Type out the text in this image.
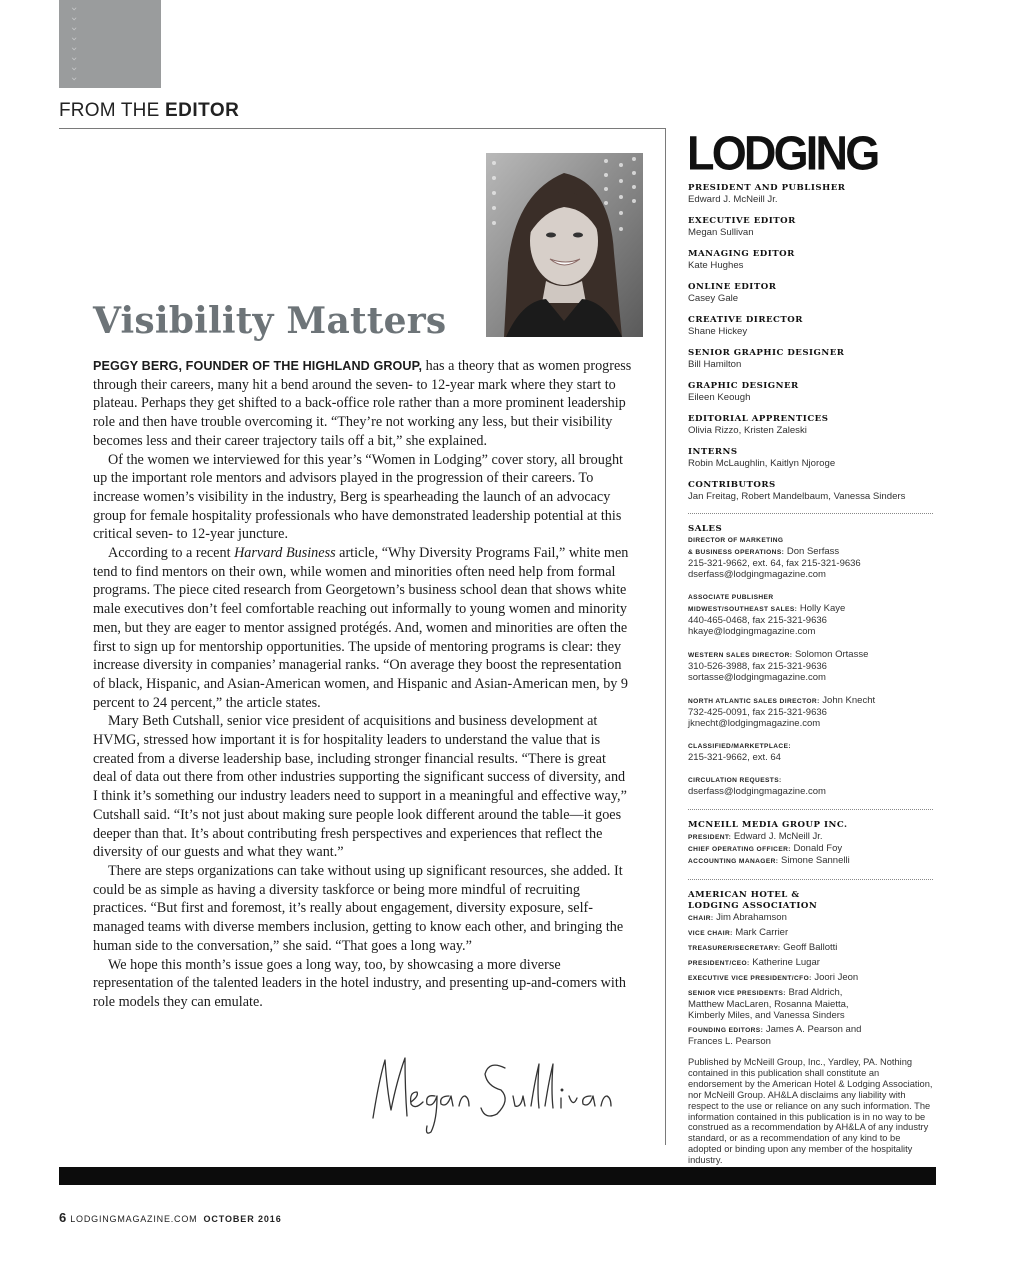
›
›
›
›
›
›
›
›
FROM THE EDITOR
Visibility Matters

PEGGY BERG, FOUNDER OF THE HIGHLAND GROUP, has a theory that as women progress through their careers, many hit a bend around the seven- to 12-year mark where they start to plateau. Perhaps they get shifted to a back-office role rather than a more prominent leadership role and then have trouble overcoming it. “They’re not working any less, but their visibility becomes less and their career trajectory tails off a bit,” she explained.

Of the women we interviewed for this year’s “Women in Lodging” cover story, all brought up the important role mentors and advisors played in the progression of their careers. To increase women’s visibility in the industry, Berg is spearheading the launch of an advocacy group for female hospitality professionals who have demonstrated leadership potential at this critical seven- to 12-year juncture.

According to a recent Harvard Business article, “Why Diversity Programs Fail,” white men tend to find mentors on their own, while women and minorities often need help from formal programs. The piece cited research from Georgetown’s business school dean that shows white male executives don’t feel comfortable reaching out informally to young women and minority men, but they are eager to mentor assigned protégés. And, women and minorities are often the first to sign up for mentorship opportunities. The upside of mentoring programs is clear: they increase diversity in companies’ managerial ranks. “On average they boost the representation of black, Hispanic, and Asian-American women, and Hispanic and Asian-American men, by 9 percent to 24 percent,” the article states.

Mary Beth Cutshall, senior vice president of acquisitions and business development at HVMG, stressed how important it is for hospitality leaders to understand the value that is created from a diverse leadership base, including stronger financial results. “There is great deal of data out there from other industries supporting the significant success of diversity, and I think it’s something our industry leaders need to support in a meaningful and effective way,” Cutshall said. “It’s not just about making sure people look different around the table—it goes deeper than that. It’s about contributing fresh perspectives and experiences that reflect the diversity of our guests and what they want.”

There are steps organizations can take without using up significant resources, she added. It could be as simple as having a diversity taskforce or being more mindful of recruiting practices. “But first and foremost, it’s really about engagement, diversity exposure, self-managed teams with diverse members inclusion, getting to know each other, and bringing the human side to the conversation,” she said. “That goes a long way.”

We hope this month’s issue goes a long way, too, by showcasing a more diverse representation of the talented leaders in the hotel industry, and presenting up-and-comers with role models they can emulate.

LODGING
PRESIDENT AND PUBLISHER
Edward J. McNeill Jr.
EXECUTIVE EDITOR
Megan Sullivan
MANAGING EDITOR
Kate Hughes
ONLINE EDITOR
Casey Gale
CREATIVE DIRECTOR
Shane Hickey
SENIOR GRAPHIC DESIGNER
Bill Hamilton
GRAPHIC DESIGNER
Eileen Keough
EDITORIAL APPRENTICES
Olivia Rizzo, Kristen Zaleski
INTERNS
Robin McLaughlin, Kaitlyn Njoroge
CONTRIBUTORS
Jan Freitag, Robert Mandelbaum, Vanessa Sinders
SALES
DIRECTOR OF MARKETING
& BUSINESS OPERATIONS: Don Serfass
215-321-9662, ext. 64, fax 215-321-9636
dserfass@lodgingmagazine.com
ASSOCIATE PUBLISHER
MIDWEST/SOUTHEAST SALES: Holly Kaye
440-465-0468, fax 215-321-9636
hkaye@lodgingmagazine.com
WESTERN SALES DIRECTOR: Solomon Ortasse
310-526-3988, fax 215-321-9636
sortasse@lodgingmagazine.com
NORTH ATLANTIC SALES DIRECTOR: John Knecht
732-425-0091, fax 215-321-9636
jknecht@lodgingmagazine.com
CLASSIFIED/MARKETPLACE:
215-321-9662, ext. 64
CIRCULATION REQUESTS:
dserfass@lodgingmagazine.com
MCNEILL MEDIA GROUP INC.
PRESIDENT: Edward J. McNeill Jr.
CHIEF OPERATING OFFICER: Donald Foy
ACCOUNTING MANAGER: Simone Sannelli
AMERICAN HOTEL &
LODGING ASSOCIATION
CHAIR: Jim Abrahamson
VICE CHAIR: Mark Carrier
TREASURER/SECRETARY: Geoff Ballotti
PRESIDENT/CEO: Katherine Lugar
EXECUTIVE VICE PRESIDENT/CFO: Joori Jeon
SENIOR VICE PRESIDENTS: Brad Aldrich,
Matthew MacLaren, Rosanna Maietta,
Kimberly Miles, and Vanessa Sinders
FOUNDING EDITORS: James A. Pearson and
Frances L. Pearson
Published by McNeill Group, Inc., Yardley, PA. Nothing contained in this publication shall constitute an endorsement by the American Hotel & Lodging Association, nor McNeill Group. AH&LA disclaims any liability with respect to the use or reliance on any such information. The information contained in this publication is in no way to be construed as a recommendation by AH&LA of any industry standard, or as a recommendation of any kind to be adopted or binding upon any member of the hospitality industry.
6 LODGINGMAGAZINE.COM OCTOBER 2016
